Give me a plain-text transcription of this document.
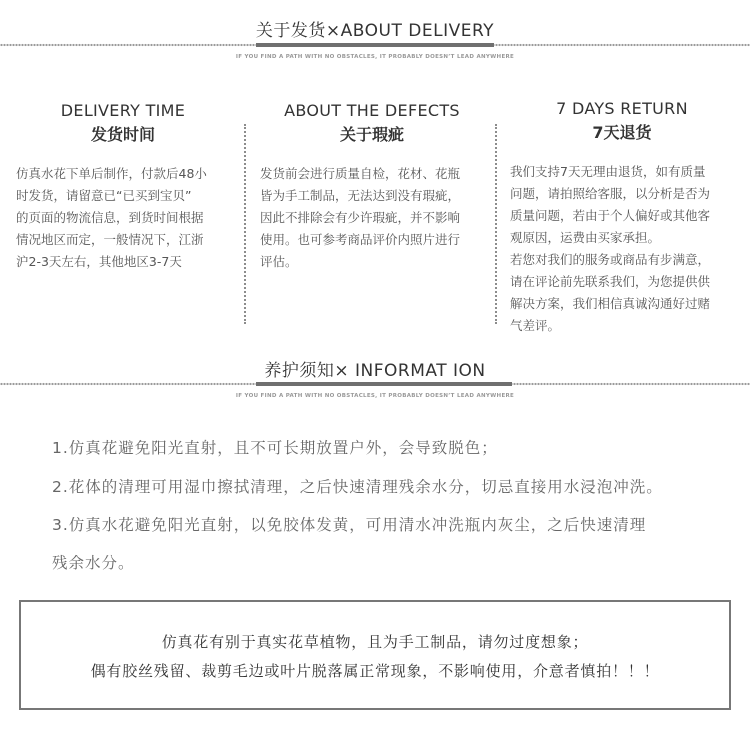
关于发货×ABOUT DELIVERY
IF YOU FIND A PATH WITH NO OBSTACLES, IT PROBABLY DOESN’T LEAD ANYWHERE
DELIVERY TIME
发货时间
仿真水花下单后制作，付款后48小
时发货，请留意已“已买到宝贝”
的页面的物流信息，到货时间根据
情况地区而定，一般情况下，江浙
沪2-3天左右，其他地区3-7天
ABOUT THE DEFECTS
关于瑕疵
发货前会进行质量自检，花材、花瓶
皆为手工制品，无法达到没有瑕疵，
因此不排除会有少许瑕疵，并不影响
使用。也可参考商品评价内照片进行
评估。
7 DAYS RETURN
7天退货
我们支持7天无理由退货，如有质量
问题，请拍照给客服，以分析是否为
质量问题，若由于个人偏好或其他客
观原因，运费由买家承担。
若您对我们的服务或商品有步满意，
请在评论前先联系我们，为您提供供
解决方案，我们相信真诚沟通好过赌
气差评。
养护须知× INFORMAT ION
IF YOU FIND A PATH WITH NO OBSTACLES, IT PROBABLY DOESN’T LEAD ANYWHERE
1.仿真花避免阳光直射，且不可长期放置户外，会导致脱色；
2.花体的清理可用湿巾擦拭清理，之后快速清理残余水分，切忌直接用水浸泡冲洗。
3.仿真水花避免阳光直射，以免胶体发黄，可用清水冲洗瓶内灰尘，之后快速清理
残余水分。
仿真花有别于真实花草植物，且为手工制品，请勿过度想象；
偶有胶丝残留、裁剪毛边或叶片脱落属正常现象，不影响使用，介意者慎拍！！！
